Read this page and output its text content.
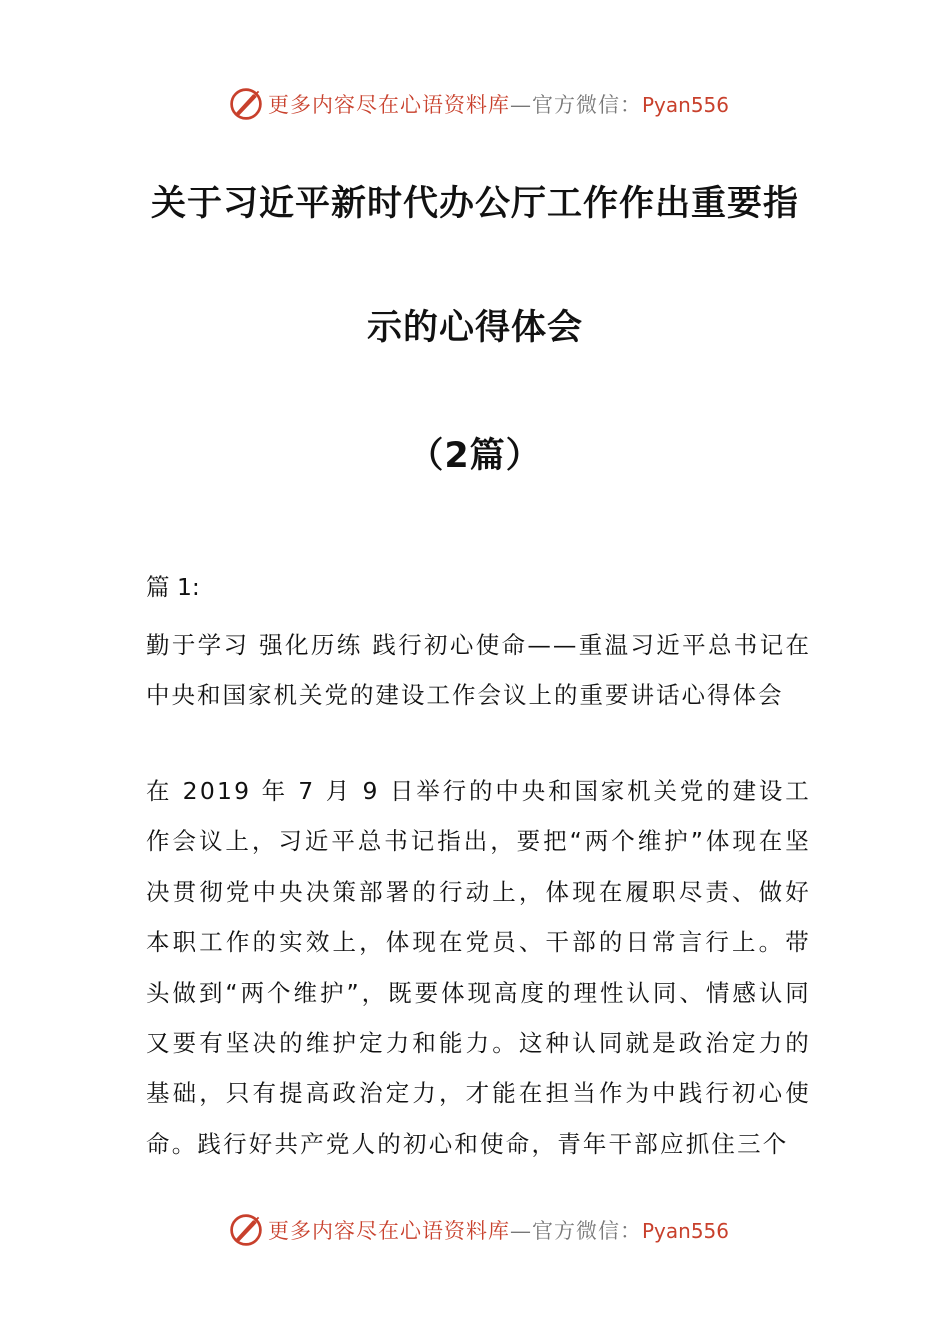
更多内容尽在心语资料库—官方微信：Pyan556
关于习近平新时代办公厅工作作出重要指
示的心得体会
（2篇）
篇 1:
勤于学习 强化历练 践行初心使命——重温习近平总书记在中央和国家机关党的建设工作会议上的重要讲话心得体会
在 2019 年 7 月 9 日举行的中央和国家机关党的建设工作会议上，习近平总书记指出，要把“两个维护”体现在坚决贯彻党中央决策部署的行动上，体现在履职尽责、做好本职工作的实效上，体现在党员、干部的日常言行上。带头做到“两个维护”，既要体现高度的理性认同、情感认同又要有坚决的维护定力和能力。这种认同就是政治定力的基础，只有提高政治定力，才能在担当作为中践行初心使命。践行好共产党人的初心和使命，青年干部应抓住三个
更多内容尽在心语资料库—官方微信：Pyan556
